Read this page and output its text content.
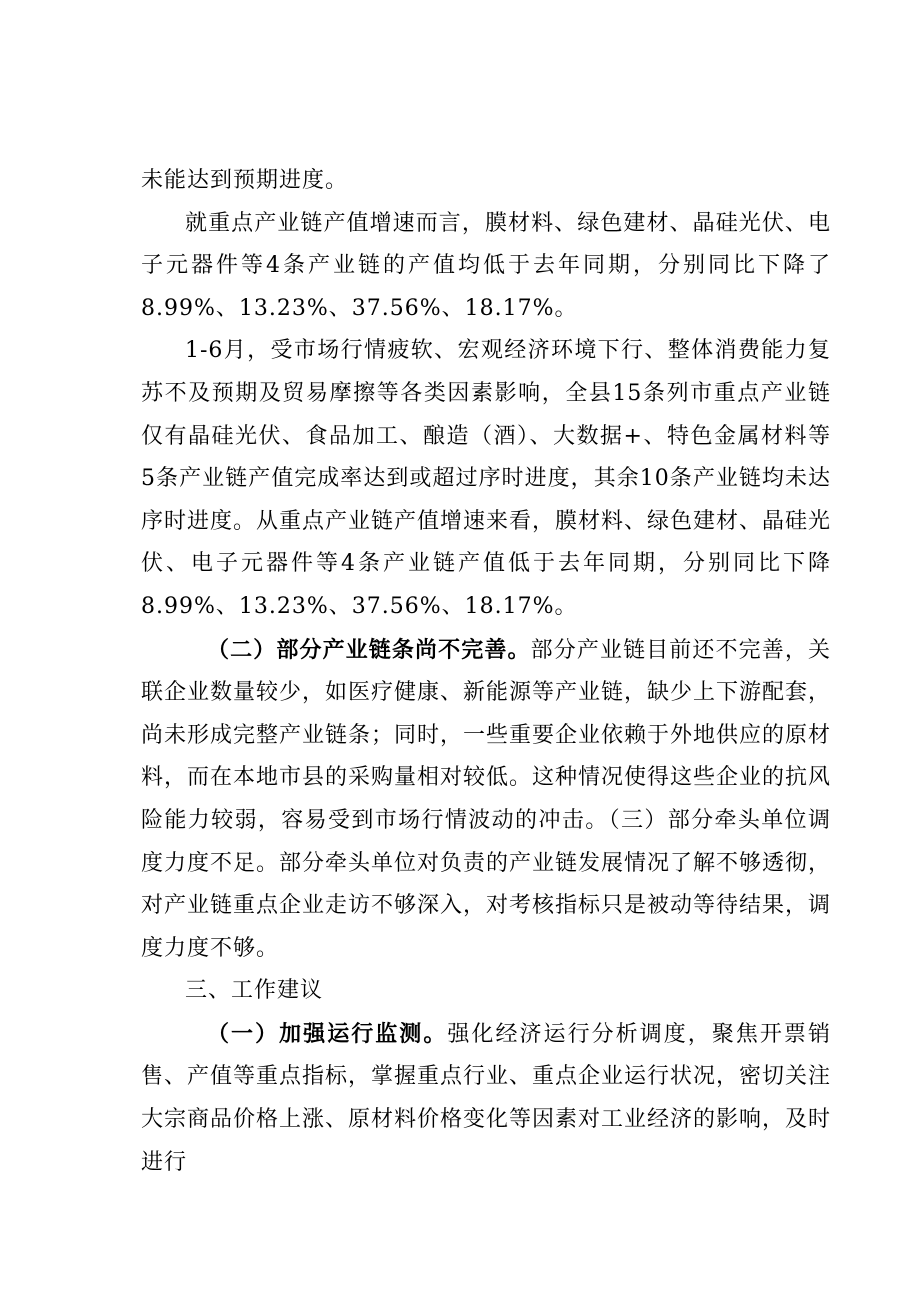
未能达到预期进度。

就重点产业链产值增速而言，膜材料、绿色建材、晶硅光伏、电子元器件等4条产业链的产值均低于去年同期，分别同比下降了8.99%、13.23%、37.56%、18.17%。

1-6月，受市场行情疲软、宏观经济环境下行、整体消费能力复苏不及预期及贸易摩擦等各类因素影响，全县15条列市重点产业链仅有晶硅光伏、食品加工、酿造（酒）、大数据+、特色金属材料等5条产业链产值完成率达到或超过序时进度，其余10条产业链均未达序时进度。从重点产业链产值增速来看，膜材料、绿色建材、晶硅光伏、电子元器件等4条产业链产值低于去年同期，分别同比下降8.99%、13.23%、37.56%、18.17%。

（二）部分产业链条尚不完善。部分产业链目前还不完善，关联企业数量较少，如医疗健康、新能源等产业链，缺少上下游配套，尚未形成完整产业链条；同时，一些重要企业依赖于外地供应的原材料，而在本地市县的采购量相对较低。这种情况使得这些企业的抗风险能力较弱，容易受到市场行情波动的冲击。（三）部分牵头单位调度力度不足。部分牵头单位对负责的产业链发展情况了解不够透彻，对产业链重点企业走访不够深入，对考核指标只是被动等待结果，调度力度不够。

三、工作建议

（一）加强运行监测。强化经济运行分析调度，聚焦开票销售、产值等重点指标，掌握重点行业、重点企业运行状况，密切关注大宗商品价格上涨、原材料价格变化等因素对工业经济的影响，及时进行
